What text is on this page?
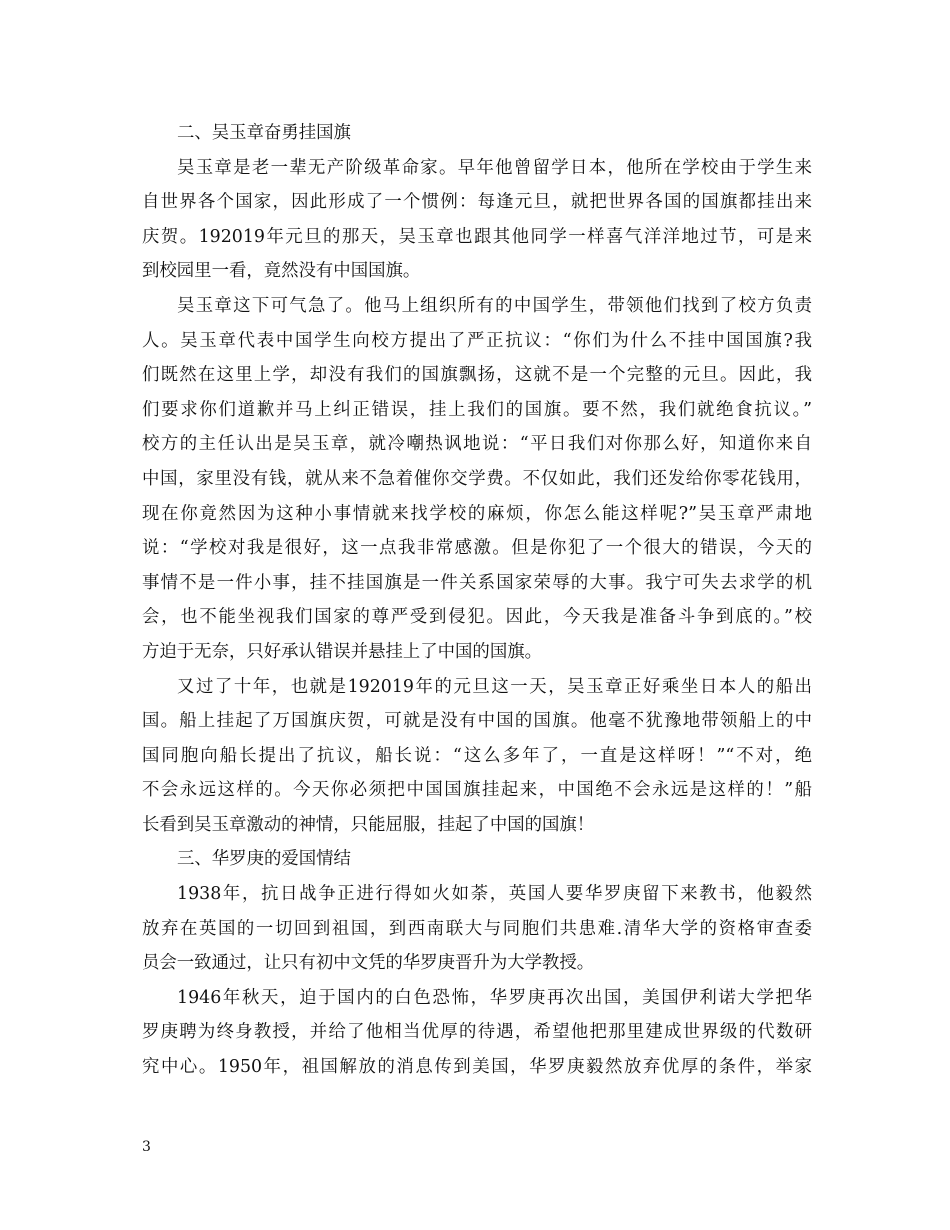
二、吴玉章奋勇挂国旗
吴玉章是老一辈无产阶级革命家。早年他曾留学日本，他所在学校由于学生来
自世界各个国家，因此形成了一个惯例：每逢元旦，就把世界各国的国旗都挂出来
庆贺。192019年元旦的那天，吴玉章也跟其他同学一样喜气洋洋地过节，可是来
到校园里一看，竟然没有中国国旗。
吴玉章这下可气急了。他马上组织所有的中国学生，带领他们找到了校方负责
人。吴玉章代表中国学生向校方提出了严正抗议：“你们为什么不挂中国国旗?我
们既然在这里上学，却没有我们的国旗飘扬，这就不是一个完整的元旦。因此，我
们要求你们道歉并马上纠正错误，挂上我们的国旗。要不然，我们就绝食抗议。”
校方的主任认出是吴玉章，就冷嘲热讽地说：“平日我们对你那么好，知道你来自
中国，家里没有钱，就从来不急着催你交学费。不仅如此，我们还发给你零花钱用，
现在你竟然因为这种小事情就来找学校的麻烦，你怎么能这样呢?”吴玉章严肃地
说：“学校对我是很好，这一点我非常感激。但是你犯了一个很大的错误，今天的
事情不是一件小事，挂不挂国旗是一件关系国家荣辱的大事。我宁可失去求学的机
会，也不能坐视我们国家的尊严受到侵犯。因此，今天我是准备斗争到底的。”校
方迫于无奈，只好承认错误并悬挂上了中国的国旗。
又过了十年，也就是192019年的元旦这一天，吴玉章正好乘坐日本人的船出
国。船上挂起了万国旗庆贺，可就是没有中国的国旗。他毫不犹豫地带领船上的中
国同胞向船长提出了抗议，船长说：“这么多年了，一直是这样呀！”“不对，绝
不会永远这样的。今天你必须把中国国旗挂起来，中国绝不会永远是这样的！”船
长看到吴玉章激动的神情，只能屈服，挂起了中国的国旗！
三、华罗庚的爱国情结
1938年，抗日战争正进行得如火如荼，英国人要华罗庚留下来教书，他毅然
放弃在英国的一切回到祖国，到西南联大与同胞们共患难.清华大学的资格审查委
员会一致通过，让只有初中文凭的华罗庚晋升为大学教授。
1946年秋天，迫于国内的白色恐怖，华罗庚再次出国，美国伊利诺大学把华
罗庚聘为终身教授，并给了他相当优厚的待遇，希望他把那里建成世界级的代数研
究中心。1950年，祖国解放的消息传到美国，华罗庚毅然放弃优厚的条件，举家
3
